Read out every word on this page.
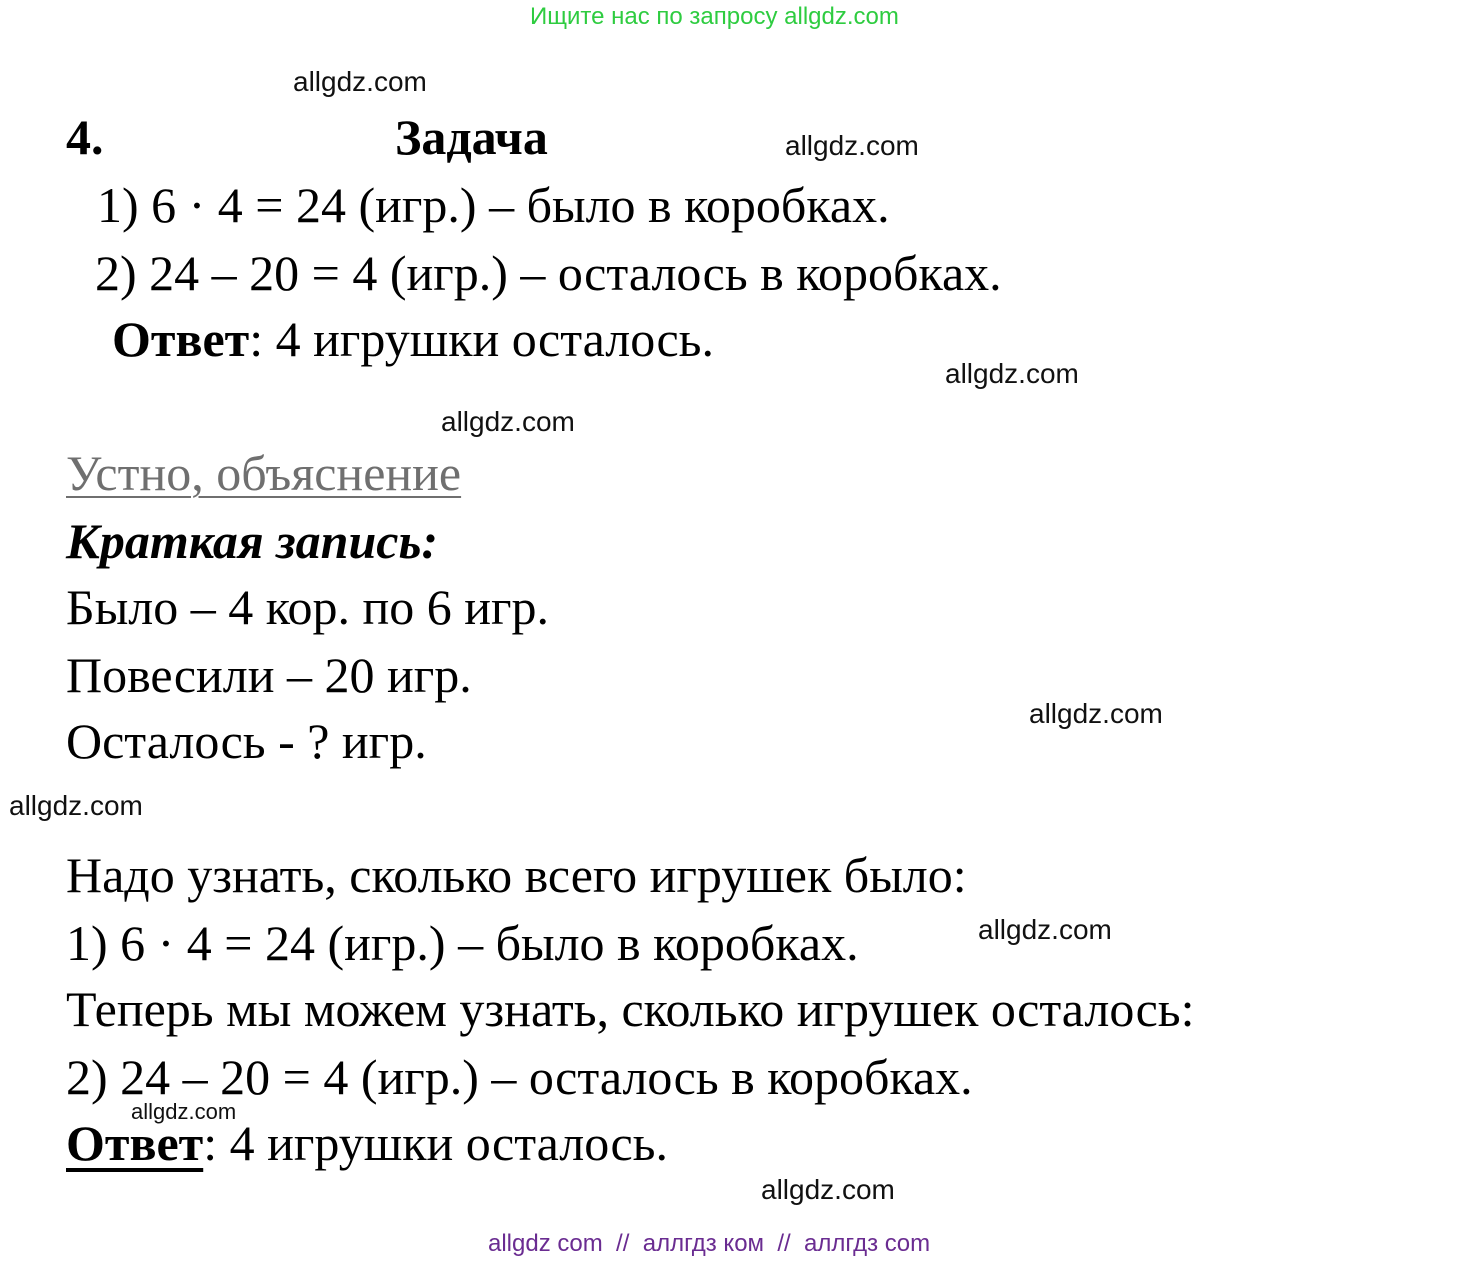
Ищите нас по запросу allgdz.com
allgdz.com
allgdz.com
allgdz.com
allgdz.com
allgdz.com
allgdz.com
allgdz.com
allgdz.com
allgdz.com
4.	Задача
1) 6 · 4 = 24 (игр.) – было в коробках.
2) 24 – 20 = 4 (игр.) – осталось в коробках.
Ответ: 4 игрушки осталось.
Устно, объяснение
Краткая запись:
Было – 4 кор. по 6 игр.
Повесили – 20 игр.
Осталось - ? игр.
Надо узнать, сколько всего игрушек было:
1) 6 · 4 = 24 (игр.) – было в коробках.
Теперь мы можем узнать, сколько игрушек осталось:
2) 24 – 20 = 4 (игр.) – осталось в коробках.
Ответ: 4 игрушки осталось.
allgdz com  //  аллгдз ком  //  аллгдз com
